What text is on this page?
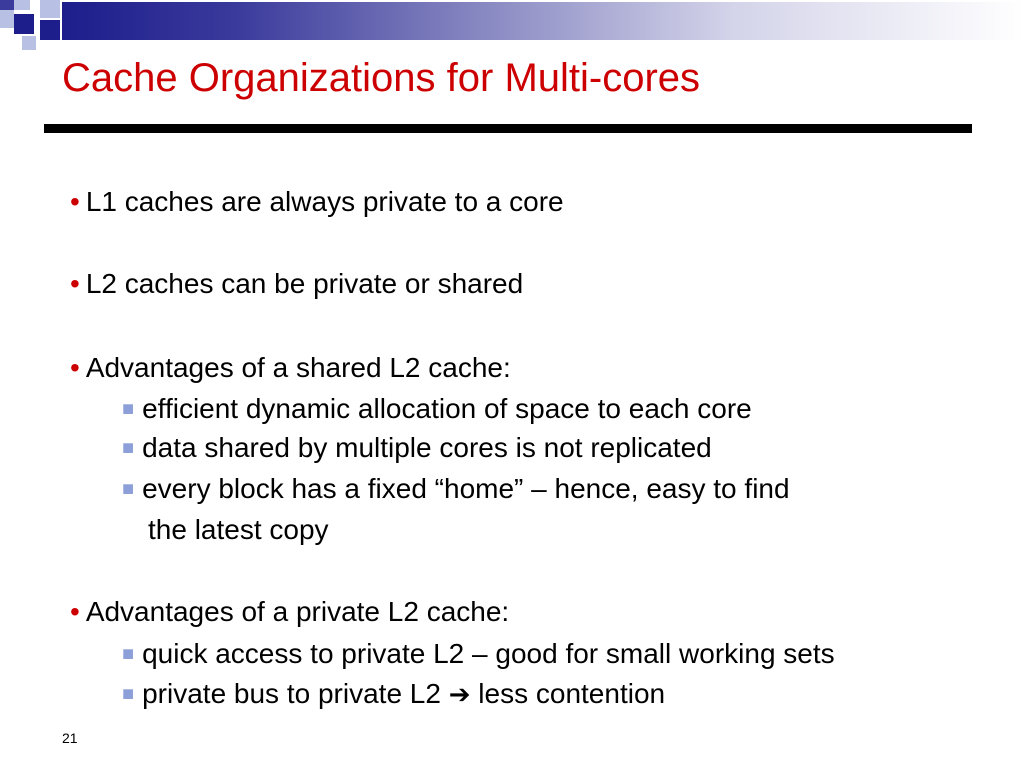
Cache Organizations for Multi-cores
• L1 caches are always private to a core
• L2 caches can be private or shared
• Advantages of a shared L2 cache:
■ efficient dynamic allocation of space to each core
■ data shared by multiple cores is not replicated
■ every block has a fixed “home” – hence, easy to find
the latest copy
• Advantages of a private L2 cache:
■ quick access to private L2 – good for small working sets
■ private bus to private L2 ➔ less contention
21
